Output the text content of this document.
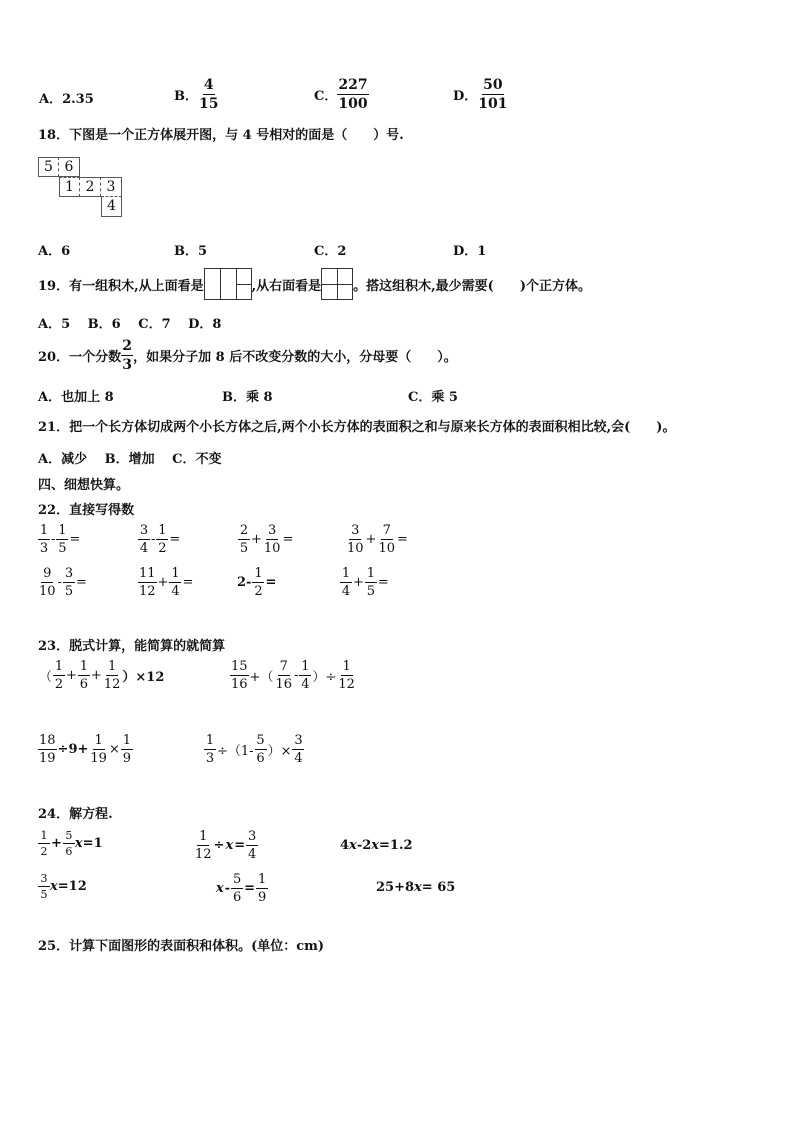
A．2.35	B． $\frac{4}{15}$	C． $\frac{227}{100}$	D． $\frac{50}{101}$
18．下图是一个正方体展开图，与 4 号相对的面是（　　）号.
5 6
1 2 3
4
A．6	B．5	C．2	D．1
19．有一组积木,从上面看是	,从右面看是 。搭这组积木,最少需要(　　)个正方体。
A．5　 B．6　 C．7　 D．8
20．一个分数 $\frac{2}{3}$ ，如果分子加 8 后不改变分数的大小，分母要（　　）。
A．也加上 8	B．乘 8	C．乘 5
21．把一个长方体切成两个小长方体之后,两个小长方体的表面积之和与原来长方体的表面积相比较,会(　　)。
A．减少　 B．增加　 C．不变
四、细想快算。
22．直接写得数
$\frac{1}{3} - \frac{1}{5}$ =	$\frac{3}{4} - \frac{1}{2}$ =	$\frac{2}{5} + \frac{3}{10}$ =	$\frac{3}{10} + \frac{7}{10}$ =
$\frac{9}{10} - \frac{3}{5}$ =	$\frac{11}{12} + \frac{1}{4}$ =	$2- \frac{1}{2}$ =	$\frac{1}{4} + \frac{1}{5}$ =
23．脱式计算，能简算的就简算
（ $\frac{1}{2} + \frac{1}{6} + \frac{1}{12} )\times 12$	$\frac{15}{16}$ +（ $\frac{7}{16} - \frac{1}{4}$ ）÷ $\frac{1}{12}$
$\frac{18}{19} \div 9+ \frac{1}{19} \times \frac{1}{9}$	$\frac{1}{3} \div(1- \frac{5}{6}$ ）× $\frac{3}{4}$
24．解方程.
$\frac{1}{2} + \frac{5}{6}$ x =1	$\frac{1}{12} \div x = \frac{3}{4}$	4 x -2 x =1.2
$\frac{3}{5}$ x =12	$x - \frac{5}{6} = \frac{1}{9}$	25+8 x = 65
25．计算下面图形的表面积和体积。(单位：cm)
